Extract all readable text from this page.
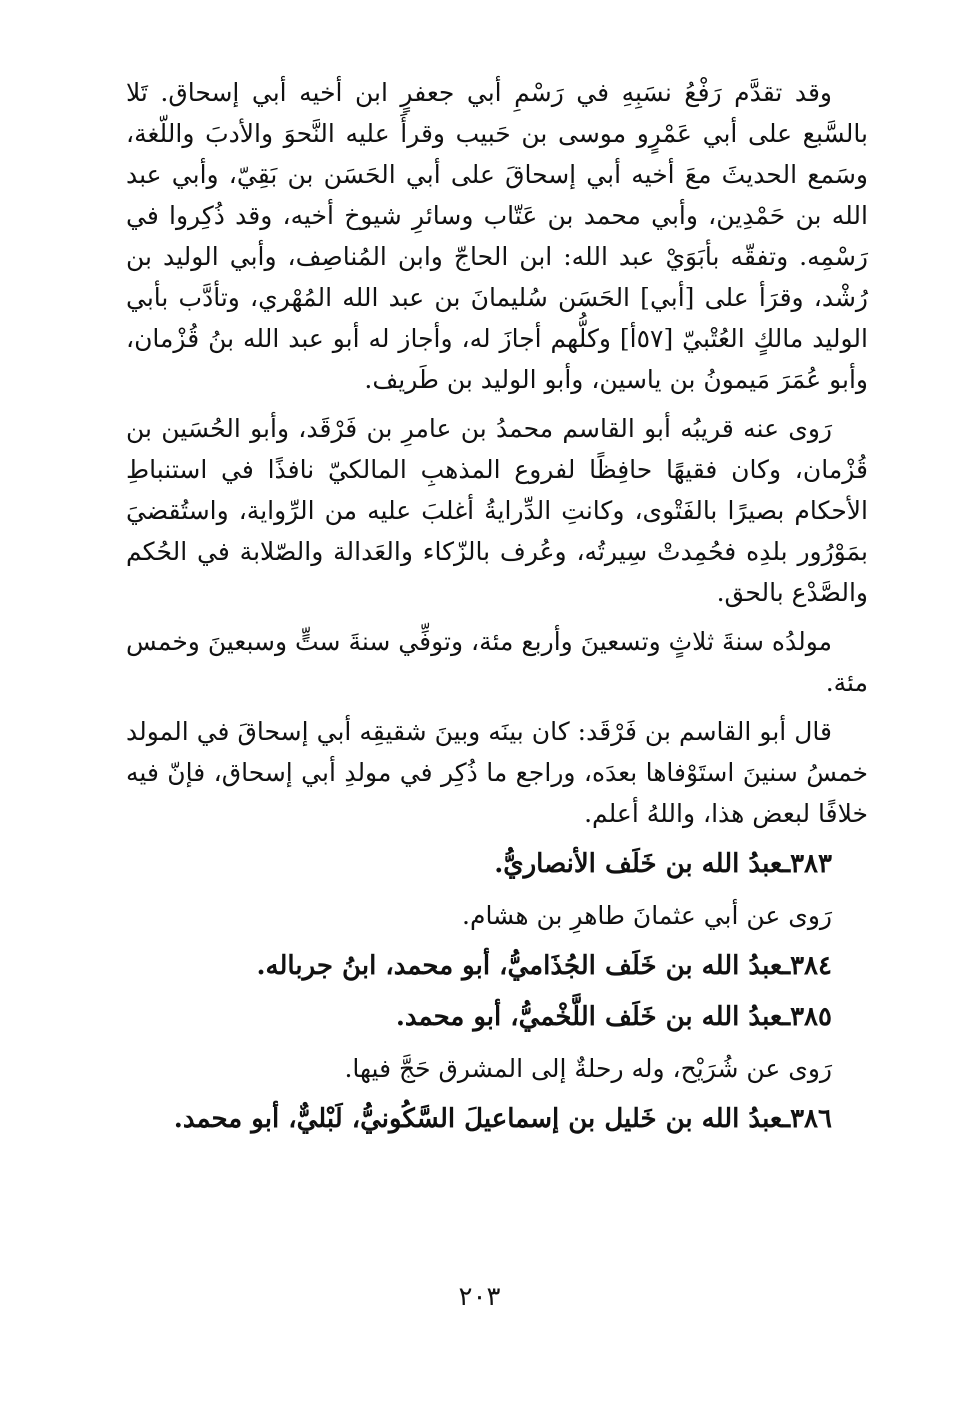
وقد تقدَّم رَفْعُ نسَبِهِ في رَسْمِ أبي جعفرٍ ابن أخيه أبي إسحاق. تَلا بالسَّبع على أبي عَمْرٍو موسى بن حَبيب وقرأَ عليه النَّحوَ والأدبَ واللّغة، وسَمع الحديثَ معَ أخيه أبي إسحاقَ على أبي الحَسَن بن بَقِيّ، وأبي عبد الله بن حَمْدِين، وأبي محمد بن عَتّاب وسائرِ شيوخ أخيه، وقد ذُكِروا في رَسْمِه. وتفقّه بأبَوَيْ عبد الله: ابن الحاجّ وابن المُناصِف، وأبي الوليد بن رُشْد، وقرَأ على [أبي] الحَسَن سُليمانَ بن عبد الله المُهْري، وتأدَّب بأبي الوليد مالكٍ العُتْبيّ [٥٧أ] وكلُّهم أجازَ له، وأجاز له أبو عبد الله بنُ قُزْمان، وأبو عُمَرَ مَيمونُ بن ياسين، وأبو الوليد بن طَريف.

رَوى عنه قريبُه أبو القاسم محمدُ بن عامرِ بن فَرْقَد، وأبو الحُسَين بن قُزْمان، وكان فقيهًا حافِظًا لفروع المذهبِ المالكيّ نافذًا في استنباطِ الأحكام بصيرًا بالفَتْوى، وكانتِ الدِّرايةُ أغلبَ عليه من الرِّواية، واستُقضيَ بمَوْرُور بلدِه فحُمِدتْ سِيرتُه، وعُرف بالزّكاء والعَدالة والصّلابة في الحُكم والصَّدْع بالحق.

مولدُه سنةَ ثلاثٍ وتسعينَ وأربع مئة، وتوفِّي سنةَ ستٍّ وسبعينَ وخمس مئة.

قال أبو القاسم بن فَرْقَد: كان بينَه وبينَ شقيقِه أبي إسحاقَ في المولد خمسُ سنينَ استَوْفاها بعدَه، وراجع ما ذُكِر في مولدِ أبي إسحاق، فإنّ فيه خلافًا لبعض هذا، واللهُ أعلم.

٣٨٣ـعبدُ الله بن خَلَف الأنصاريُّ.
رَوى عن أبي عثمانَ طاهرِ بن هشام.
٣٨٤ـعبدُ الله بن خَلَف الجُذَاميُّ، أبو محمد، ابنُ جرباله.
٣٨٥ـعبدُ الله بن خَلَف اللَّخْميُّ، أبو محمد.
رَوى عن شُرَيْح، وله رحلةٌ إلى المشرق حَجَّ فيها.
٣٨٦ـعبدُ الله بن خَليل بن إسماعيلَ السَّكُونيُّ، لَبْليٌّ، أبو محمد.
٢٠٣
